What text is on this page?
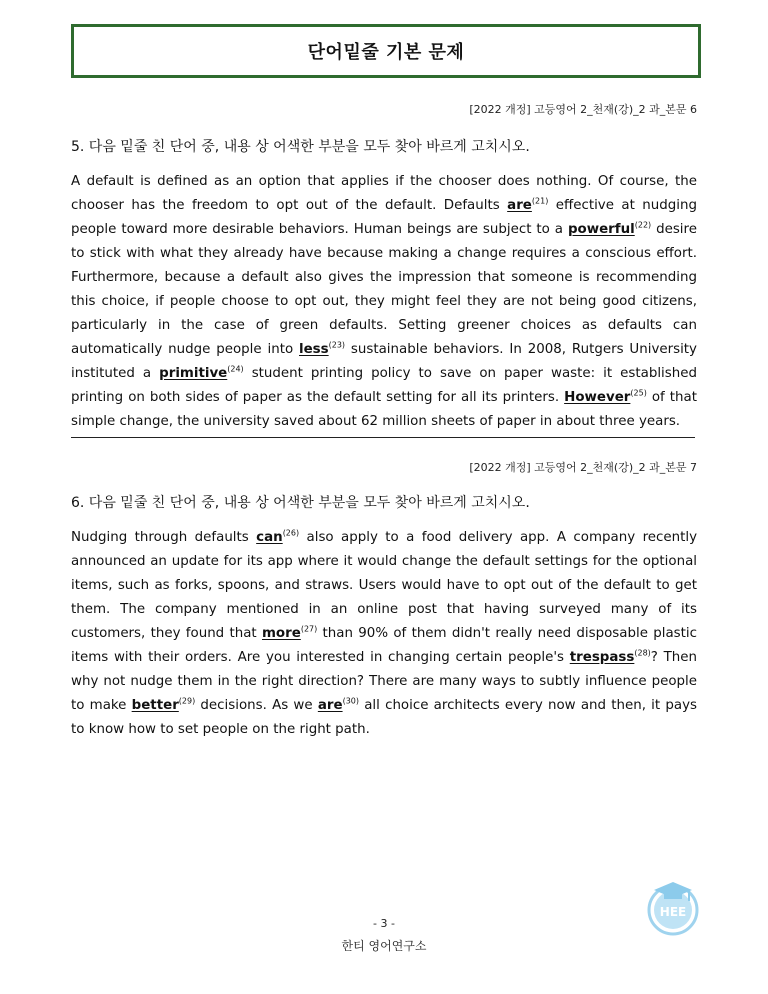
단어밑줄 기본 문제
[2022 개정] 고등영어 2_천재(강)_2 과_본문 6
5. 다음 밑줄 친 단어 중, 내용 상 어색한 부분을 모두 찾아 바르게 고치시오.
A default is defined as an option that applies if the chooser does nothing. Of course, the chooser has the freedom to opt out of the default. Defaults are$^{(21)}$ effective at nudging people toward more desirable behaviors. Human beings are subject to a powerful$^{(22)}$ desire to stick with what they already have because making a change requires a conscious effort. Furthermore, because a default also gives the impression that someone is recommending this choice, if people choose to opt out, they might feel they are not being good citizens, particularly in the case of green defaults. Setting greener choices as defaults can automatically nudge people into less$^{(23)}$ sustainable behaviors. In 2008, Rutgers University instituted a primitive$^{(24)}$ student printing policy to save on paper waste: it established printing on both sides of paper as the default setting for all its printers. However$^{(25)}$ of that simple change, the university saved about 62 million sheets of paper in about three years.
[2022 개정] 고등영어 2_천재(강)_2 과_본문 7
6. 다음 밑줄 친 단어 중, 내용 상 어색한 부분을 모두 찾아 바르게 고치시오.
Nudging through defaults can$^{(26)}$ also apply to a food delivery app. A company recently announced an update for its app where it would change the default settings for the optional items, such as forks, spoons, and straws. Users would have to opt out of the default to get them. The company mentioned in an online post that having surveyed many of its customers, they found that more$^{(27)}$ than 90% of them didn't really need disposable plastic items with their orders. Are you interested in changing certain people's trespass$^{(28)}$? Then why not nudge them in the right direction? There are many ways to subtly influence people to make better$^{(29)}$ decisions. As we are$^{(30)}$ all choice architects every now and then, it pays to know how to set people on the right path.
- 3 -
한티 영어연구소
HEE
